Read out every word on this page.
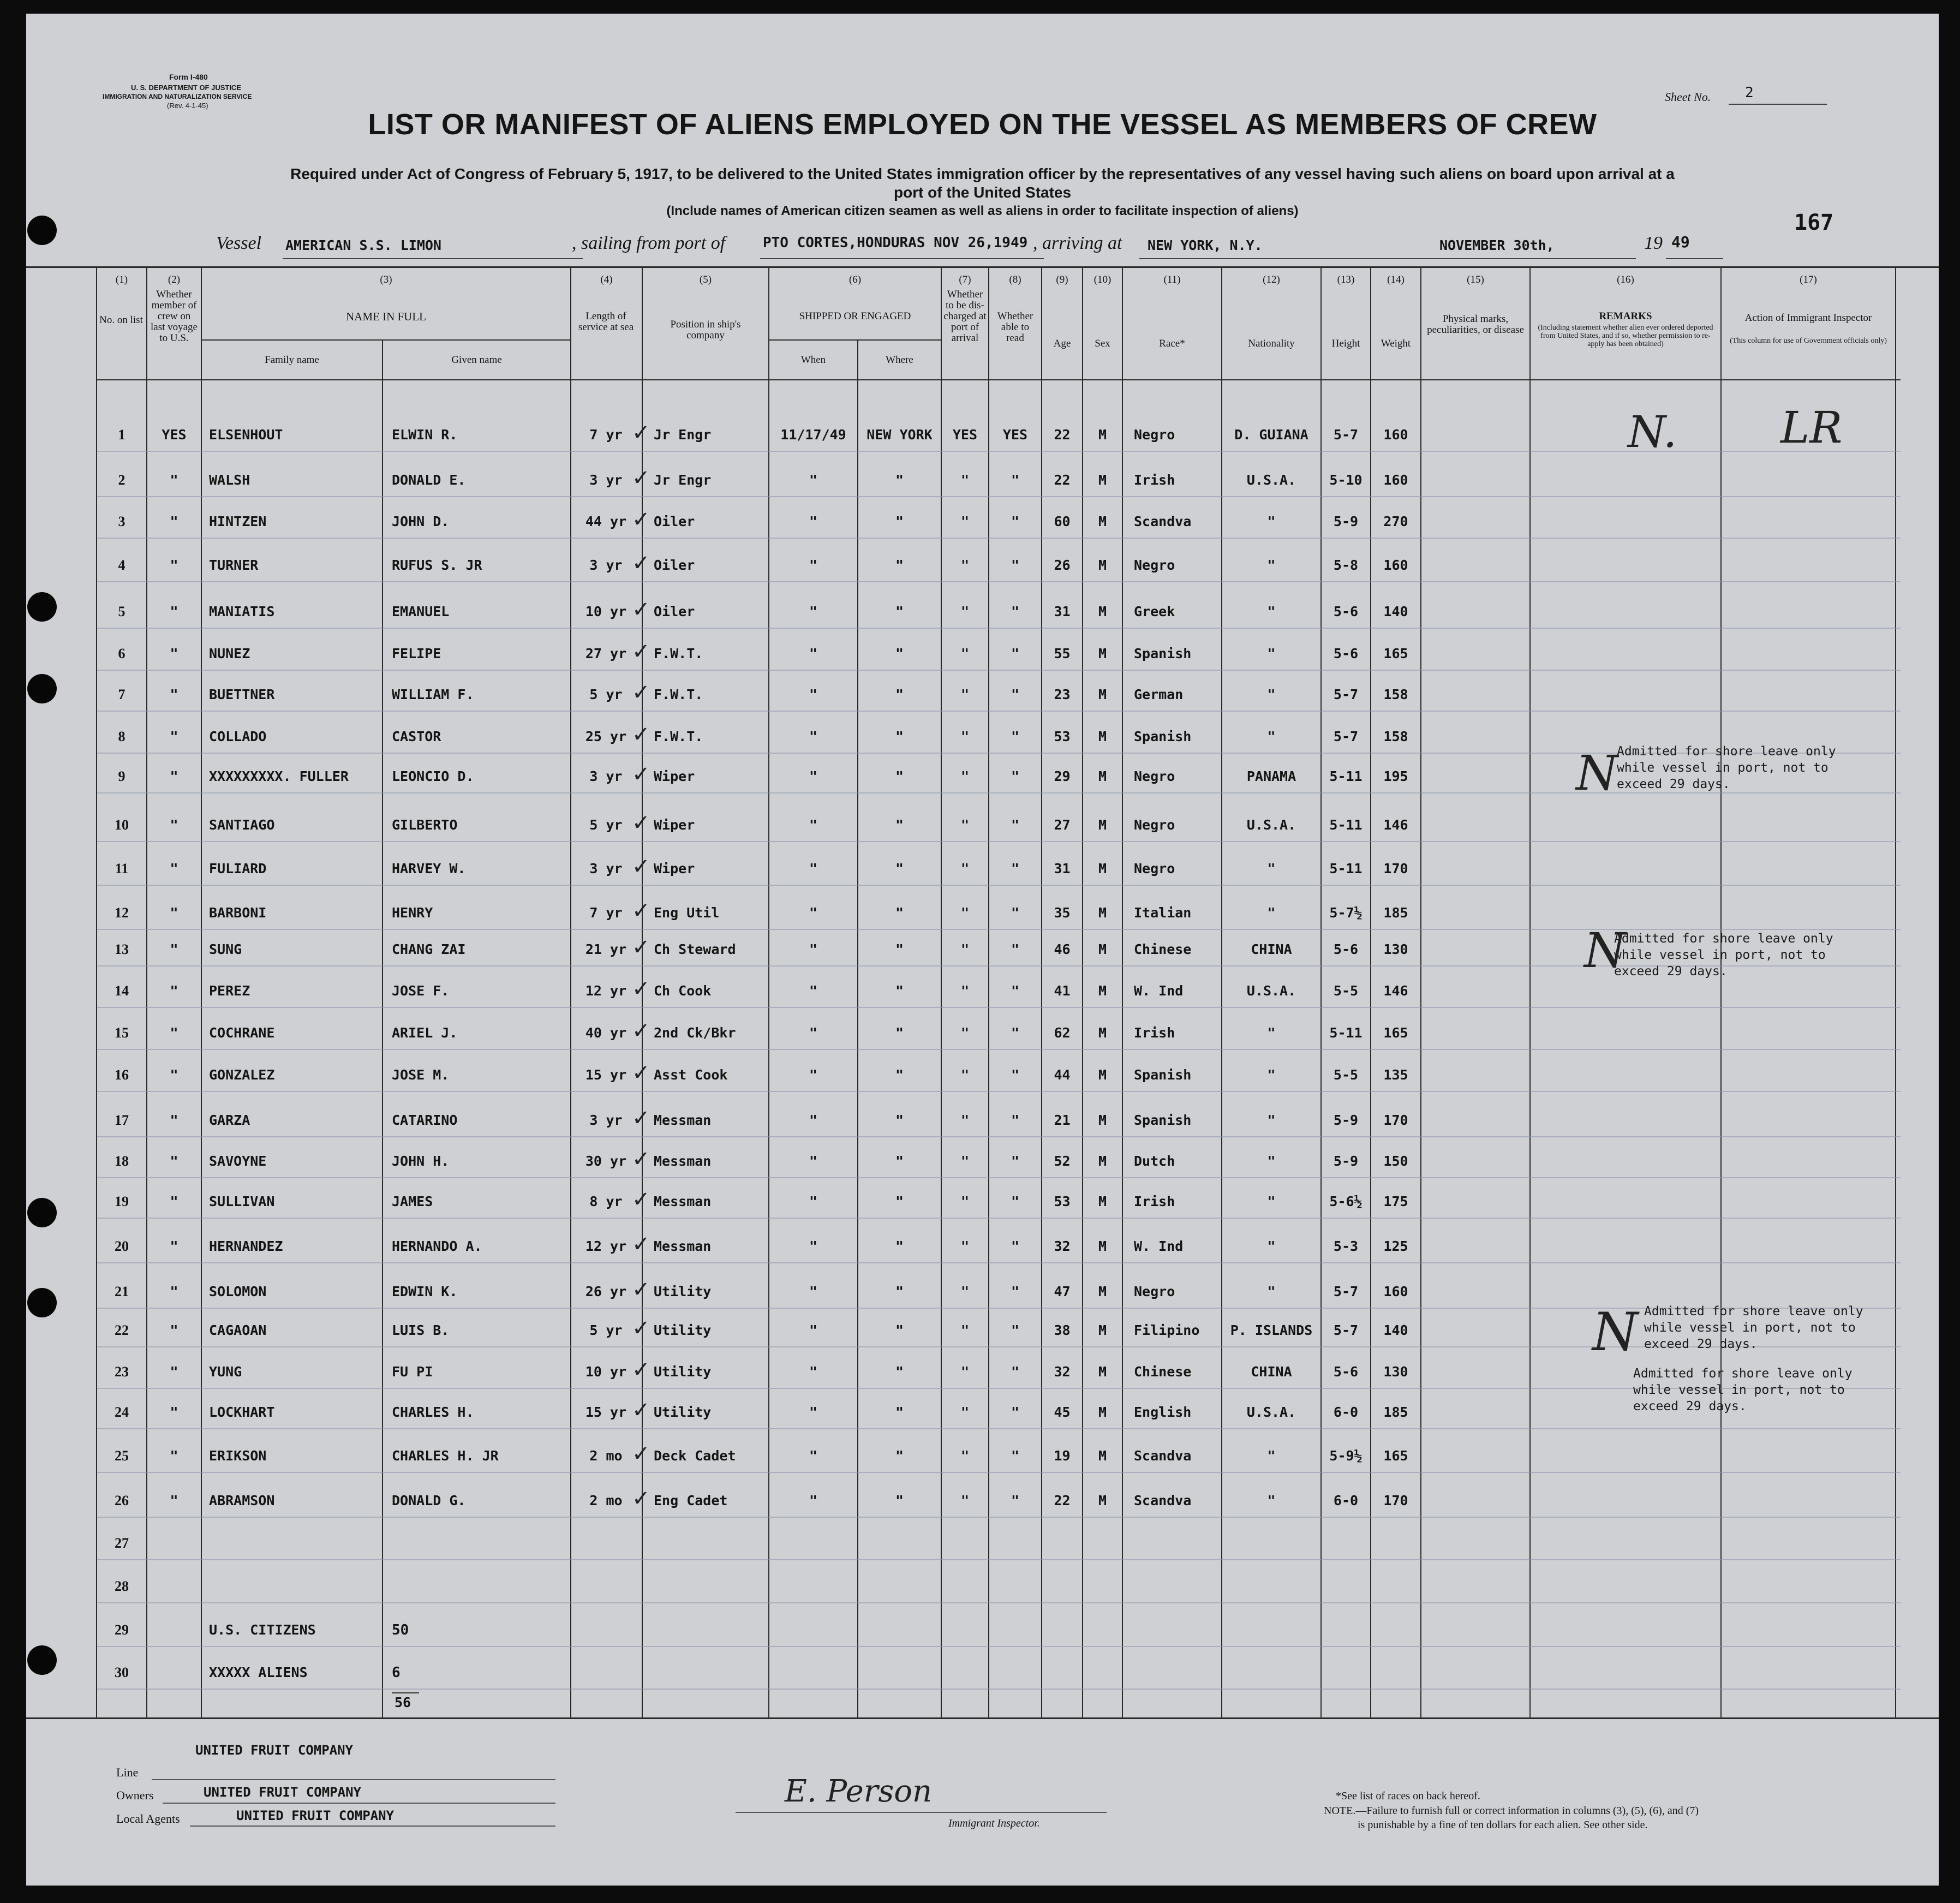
Form I-480
U. S. DEPARTMENT OF JUSTICE
IMMIGRATION AND NATURALIZATION SERVICE
(Rev. 4-1-45)
Sheet No. 2
LIST OR MANIFEST OF ALIENS EMPLOYED ON THE VESSEL AS MEMBERS OF CREW
Required under Act of Congress of February 5, 1917, to be delivered to the United States immigration officer by the representatives of any vessel having such aliens on board upon arrival at a
port of the United States
(Include names of American citizen seamen as well as aliens in order to facilitate inspection of aliens)	167
Vessel AMERICAN S.S. LIMON	, sailing from port of	PTO CORTES,HONDURAS NOV 26,1949 , arriving at NEW YORK, N.Y.	NOVEMBER 30th,	19 49
(1)
No. on list
(2)
Whether member of crew on last voyage to U.S.
(3)
NAME IN FULL
Family name	Given name
(4)
Length of service at sea
(5)
Position in ship's company
(6)
SHIPPED OR ENGAGED
When	Where
(7)
Whether to be dis-charged at port of arrival
(8)
Whether able to read
(9)
Age
(10)
Sex
(11)
Race*
(12)
Nationality
(13)
Height
(14)
Weight
(15)
Physical marks, peculiarities, or disease
(16)
REMARKS
(Including statement whether alien ever ordered deported from United States, and if so, whether permission to re-apply has been obtained)
(17)
Action of Immigrant Inspector
(This column for use of Government officials only)
1	YES	ELSENHOUT	ELWIN R.	7 yr	Jr Engr	11/17/49	NEW YORK	YES	YES	22	M	Negro	D. GUIANA	5-7	160
2	"	WALSH	DONALD E.	3 yr	Jr Engr	"	"	"	"	22	M	Irish	U.S.A.	5-10	160
3	"	HINTZEN	JOHN D.	44 yr	Oiler	"	"	"	"	60	M	Scandva	"	5-9	270
4	"	TURNER	RUFUS S. JR	3 yr	Oiler	"	"	"	"	26	M	Negro	"	5-8	160
5	"	MANIATIS	EMANUEL	10 yr	Oiler	"	"	"	"	31	M	Greek	"	5-6	140
6	"	NUNEZ	FELIPE	27 yr	F.W.T.	"	"	"	"	55	M	Spanish	"	5-6	165
7	"	BUETTNER	WILLIAM F.	5 yr	F.W.T.	"	"	"	"	23	M	German	"	5-7	158
8	"	COLLADO	CASTOR	25 yr	F.W.T.	"	"	"	"	53	M	Spanish	"	5-7	158
9	"	XXXXXXXXX. FULLER	LEONCIO D.	3 yr	Wiper	"	"	"	"	29	M	Negro	PANAMA	5-11	195
10	"	SANTIAGO	GILBERTO	5 yr	Wiper	"	"	"	"	27	M	Negro	U.S.A.	5-11	146
11	"	FULIARD	HARVEY W.	3 yr	Wiper	"	"	"	"	31	M	Negro	"	5-11	170
12	"	BARBONI	HENRY	7 yr	Eng Util	"	"	"	"	35	M	Italian	"	5-7½	185
13	"	SUNG	CHANG ZAI	21 yr	Ch Steward	"	"	"	"	46	M	Chinese	CHINA	5-6	130
14	"	PEREZ	JOSE F.	12 yr	Ch Cook	"	"	"	"	41	M	W. Ind	U.S.A.	5-5	146
15	"	COCHRANE	ARIEL J.	40 yr	2nd Ck/Bkr	"	"	"	"	62	M	Irish	"	5-11	165
16	"	GONZALEZ	JOSE M.	15 yr	Asst Cook	"	"	"	"	44	M	Spanish	"	5-5	135
17	"	GARZA	CATARINO	3 yr	Messman	"	"	"	"	21	M	Spanish	"	5-9	170
18	"	SAVOYNE	JOHN H.	30 yr	Messman	"	"	"	"	52	M	Dutch	"	5-9	150
19	"	SULLIVAN	JAMES	8 yr	Messman	"	"	"	"	53	M	Irish	"	5-6½	175
20	"	HERNANDEZ	HERNANDO A.	12 yr	Messman	"	"	"	"	32	M	W. Ind	"	5-3	125
21	"	SOLOMON	EDWIN K.	26 yr	Utility	"	"	"	"	47	M	Negro	"	5-7	160
22	"	CAGAOAN	LUIS B.	5 yr	Utility	"	"	"	"	38	M	Filipino	P. ISLANDS	5-7	140
23	"	YUNG	FU PI	10 yr	Utility	"	"	"	"	32	M	Chinese	CHINA	5-6	130
24	"	LOCKHART	CHARLES H.	15 yr	Utility	"	"	"	"	45	M	English	U.S.A.	6-0	185
25	"	ERIKSON	CHARLES H. JR	2 mo	Deck Cadet	"	"	"	"	19	M	Scandva	"	5-9½	165
26	"	ABRAMSON	DONALD G.	2 mo	Eng Cadet	"	"	"	"	22	M	Scandva	"	6-0	170
27
28
29	U.S. CITIZENS	50
30	XXXXX ALIENS	6
56
✓
✓
✓
✓
✓
✓
✓
✓
✓
✓
✓
✓
✓
✓
✓
✓
✓
✓
✓
✓
✓
✓
✓
✓
✓
✓
Admitted for shore leave only
while vessel in port, not to
exceed 29 days.
Admitted for shore leave only
while vessel in port, not to
exceed 29 days.
Admitted for shore leave only
while vessel in port, not to
exceed 29 days.
Admitted for shore leave only
while vessel in port, not to
exceed 29 days.
N. LR
N
N
N
UNITED FRUIT COMPANY
Line
Owners	UNITED FRUIT COMPANY
Local Agents	UNITED FRUIT COMPANY
E. Person
Immigrant Inspector.
*See list of races on back hereof.
NOTE.—Failure to furnish full or correct information in columns (3), (5), (6), and (7)
is punishable by a fine of ten dollars for each alien. See other side.
